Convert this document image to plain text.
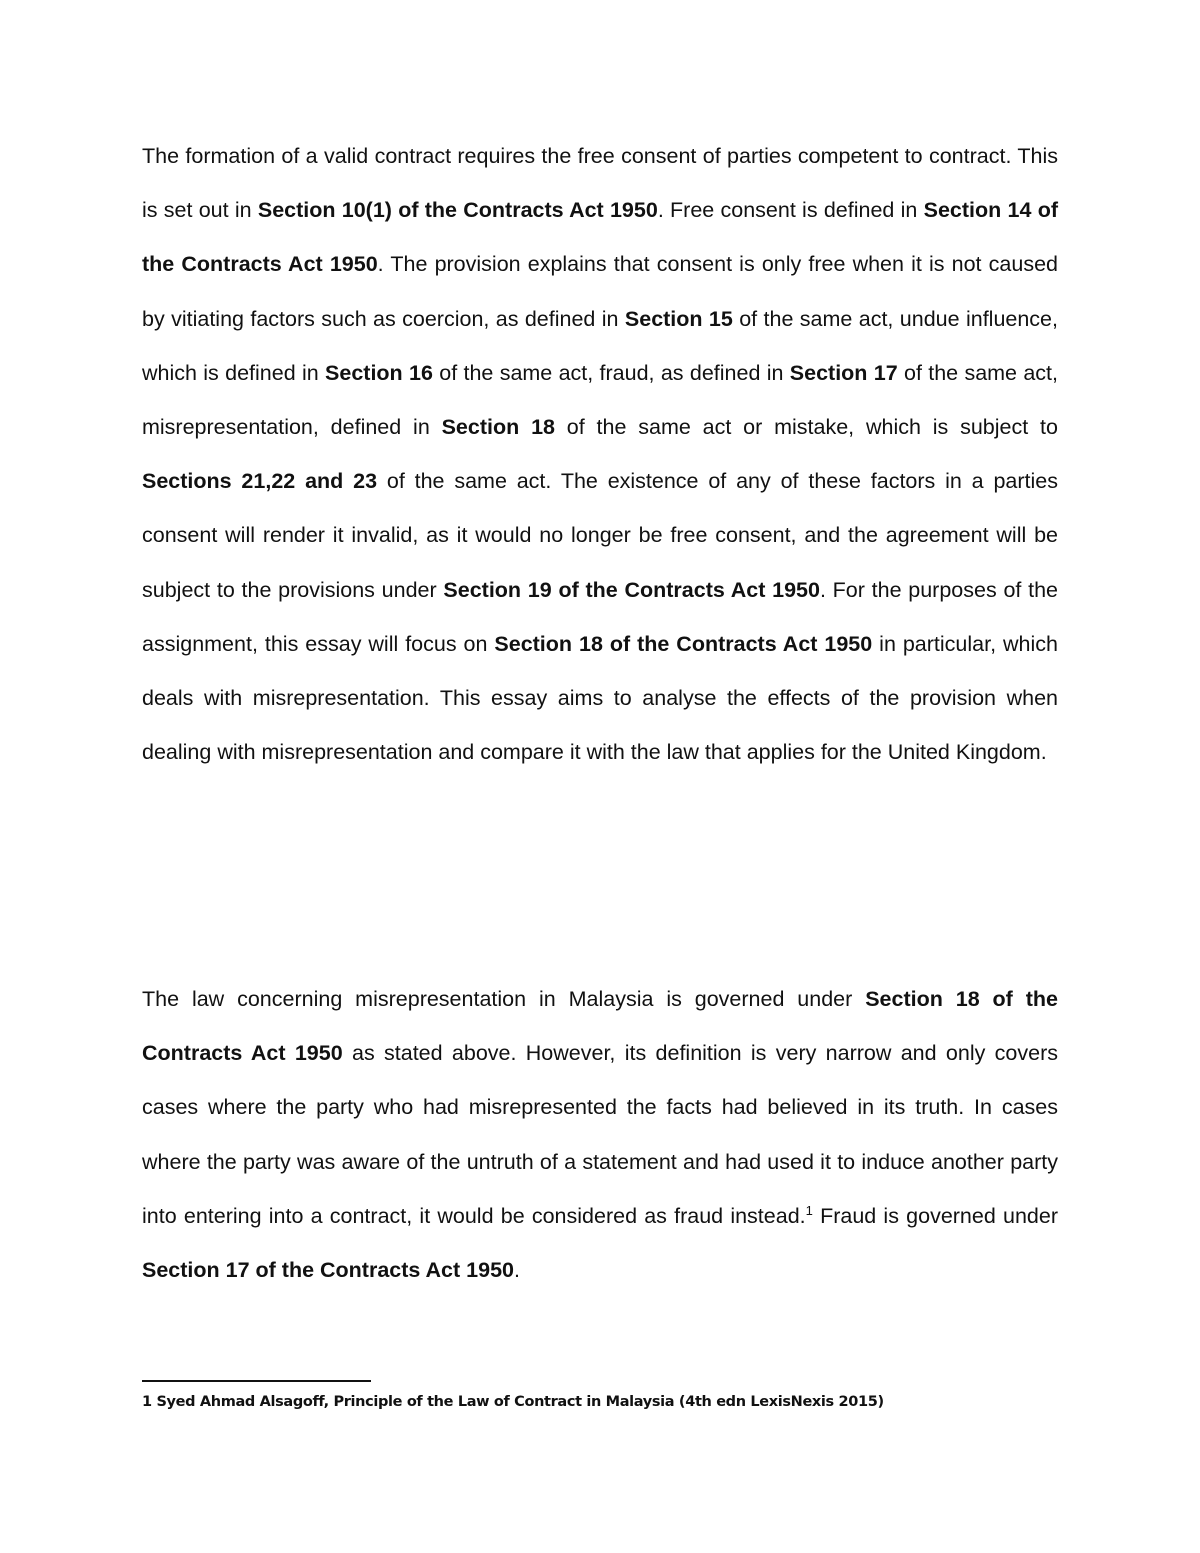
The formation of a valid contract requires the free consent of parties competent to contract. This is set out in Section 10(1) of the Contracts Act 1950. Free consent is defined in Section 14 of the Contracts Act 1950. The provision explains that consent is only free when it is not caused by vitiating factors such as coercion, as defined in Section 15 of the same act, undue influence, which is defined in Section 16 of the same act, fraud, as defined in Section 17 of the same act, misrepresentation, defined in Section 18 of the same act or mistake, which is subject to Sections 21,22 and 23 of the same act. The existence of any of these factors in a parties consent will render it invalid, as it would no longer be free consent, and the agreement will be subject to the provisions under Section 19 of the Contracts Act 1950. For the purposes of the assignment, this essay will focus on Section 18 of the Contracts Act 1950 in particular, which deals with misrepresentation. This essay aims to analyse the effects of the provision when dealing with misrepresentation and compare it with the law that applies for the United Kingdom.

The law concerning misrepresentation in Malaysia is governed under Section 18 of the Contracts Act 1950 as stated above. However, its definition is very narrow and only covers cases where the party who had misrepresented the facts had believed in its truth. In cases where the party was aware of the untruth of a statement and had used it to induce another party into entering into a contract, it would be considered as fraud instead.$^1$ Fraud is governed under Section 17 of the Contracts Act 1950.

1 Syed Ahmad Alsagoff, Principle of the Law of Contract in Malaysia (4th edn LexisNexis 2015)
